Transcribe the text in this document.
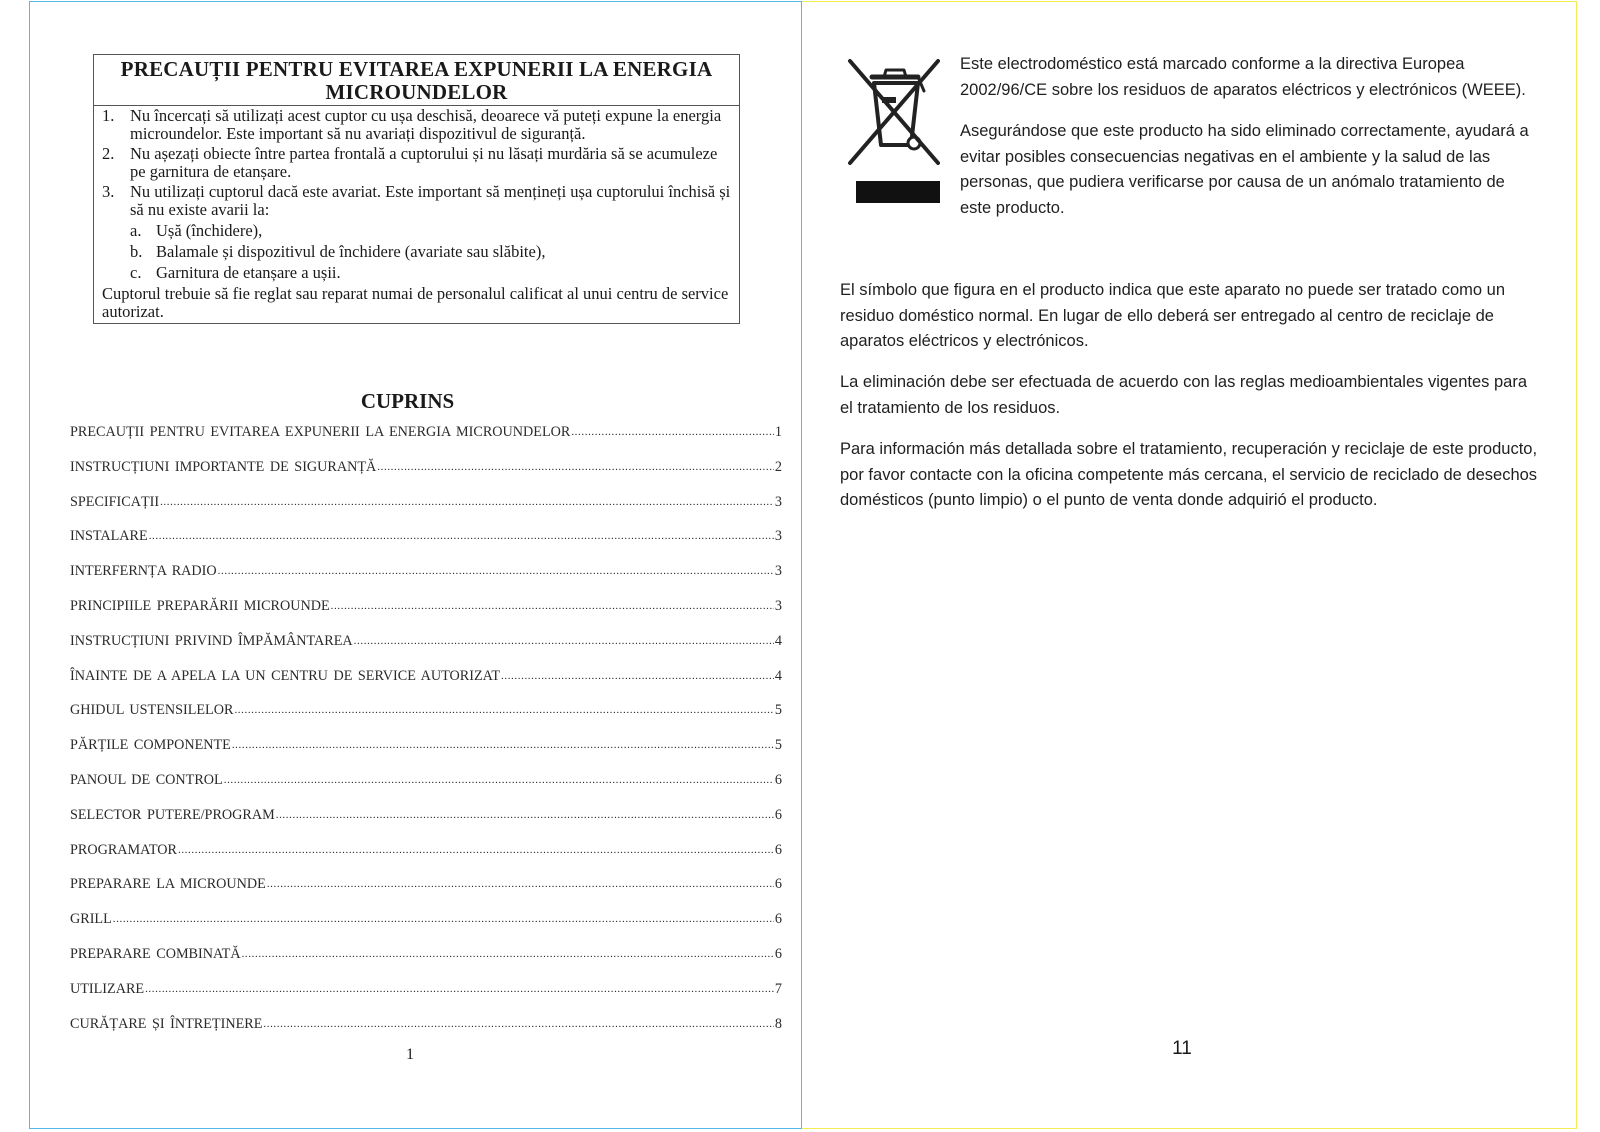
PRECAUȚII PENTRU EVITAREA EXPUNERII LA ENERGIA MICROUNDELOR
1. Nu încercați să utilizați acest cuptor cu ușa deschisă, deoarece vă puteți expune la energia microundelor. Este important să nu avariați dispozitivul de siguranță.
2. Nu așezați obiecte între partea frontală a cuptorului și nu lăsați murdăria să se acumuleze pe garnitura de etanșare.
3. Nu utilizați cuptorul dacă este avariat. Este important să mențineți ușa cuptorului închisă și să nu existe avarii la:
a. Ușă (închidere),
b. Balamale și dispozitivul de închidere (avariate sau slăbite),
c. Garnitura de etanșare a ușii.
Cuptorul trebuie să fie reglat sau reparat numai de personalul calificat al unui centru de service autorizat.
CUPRINS
PRECAUȚII PENTRU EVITAREA EXPUNERII LA ENERGIA MICROUNDELOR .....	1
INSTRUCȚIUNI IMPORTANTE DE SIGURANȚĂ .....	2
SPECIFICAȚII .....	3
INSTALARE .....	3
INTERFERNȚA RADIO .....	3
PRINCIPIILE PREPARĂRII MICROUNDE .....	3
INSTRUCȚIUNI PRIVIND ÎMPĂMÂNTAREA .....	4
ÎNAINTE DE A APELA LA UN CENTRU DE SERVICE AUTORIZAT .....	4
GHIDUL USTENSILELOR .....	5
PĂRȚILE COMPONENTE .....	5
PANOUL DE CONTROL .....	6
SELECTOR PUTERE/PROGRAM .....	6
PROGRAMATOR .....	6
PREPARARE LA MICROUNDE .....	6
GRILL .....	6
PREPARARE COMBINATĂ .....	6
UTILIZARE .....	7
CURĂȚARE ȘI ÎNTREȚINERE .....	8
1
Este electrodoméstico está marcado conforme a la directiva Europea 2002/96/CE sobre los residuos de aparatos eléctricos y electrónicos (WEEE).
Asegurándose que este producto ha sido eliminado correctamente, ayudará a evitar posibles consecuencias negativas en el ambiente y la salud de las personas, que pudiera verificarse por causa de un anómalo tratamiento de este producto.
El símbolo que figura en el producto indica que este aparato no puede ser tratado como un residuo doméstico normal. En lugar de ello deberá ser entregado al centro de reciclaje de aparatos eléctricos y electrónicos.
La eliminación debe ser efectuada de acuerdo con las reglas medioambientales vigentes para el tratamiento de los residuos.
Para información más detallada sobre el tratamiento, recuperación y reciclaje de este producto, por favor contacte con la oficina competente más cercana, el servicio de reciclado de desechos domésticos (punto limpio) o el punto de venta donde adquirió el producto.
11
